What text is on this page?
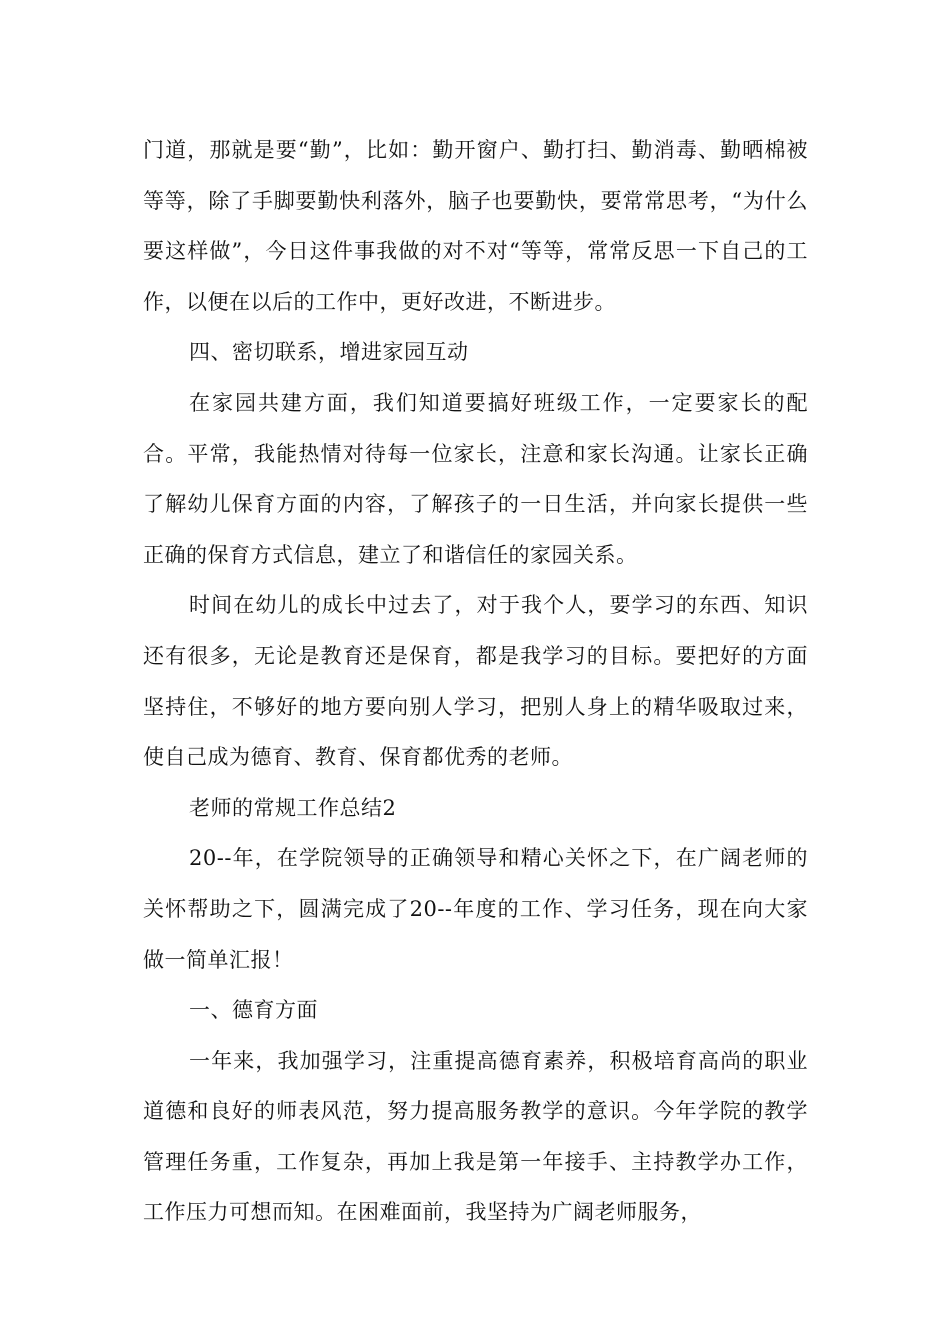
门道，那就是要“勤”，比如：勤开窗户、勤打扫、勤消毒、勤晒棉被等等，除了手脚要勤快利落外，脑子也要勤快，要常常思考，“为什么要这样做”，今日这件事我做的对不对“等等，常常反思一下自己的工作，以便在以后的工作中，更好改进，不断进步。

四、密切联系，增进家园互动

在家园共建方面，我们知道要搞好班级工作，一定要家长的配合。平常，我能热情对待每一位家长，注意和家长沟通。让家长正确了解幼儿保育方面的内容，了解孩子的一日生活，并向家长提供一些正确的保育方式信息，建立了和谐信任的家园关系。

时间在幼儿的成长中过去了，对于我个人，要学习的东西、知识还有很多，无论是教育还是保育，都是我学习的目标。要把好的方面坚持住，不够好的地方要向别人学习，把别人身上的精华吸取过来，使自己成为德育、教育、保育都优秀的老师。

老师的常规工作总结2

20--年，在学院领导的正确领导和精心关怀之下，在广阔老师的关怀帮助之下，圆满完成了20--年度的工作、学习任务，现在向大家做一简单汇报！

一、德育方面

一年来，我加强学习，注重提高德育素养，积极培育高尚的职业道德和良好的师表风范，努力提高服务教学的意识。今年学院的教学管理任务重，工作复杂，再加上我是第一年接手、主持教学办工作，工作压力可想而知。在困难面前，我坚持为广阔老师服务，
